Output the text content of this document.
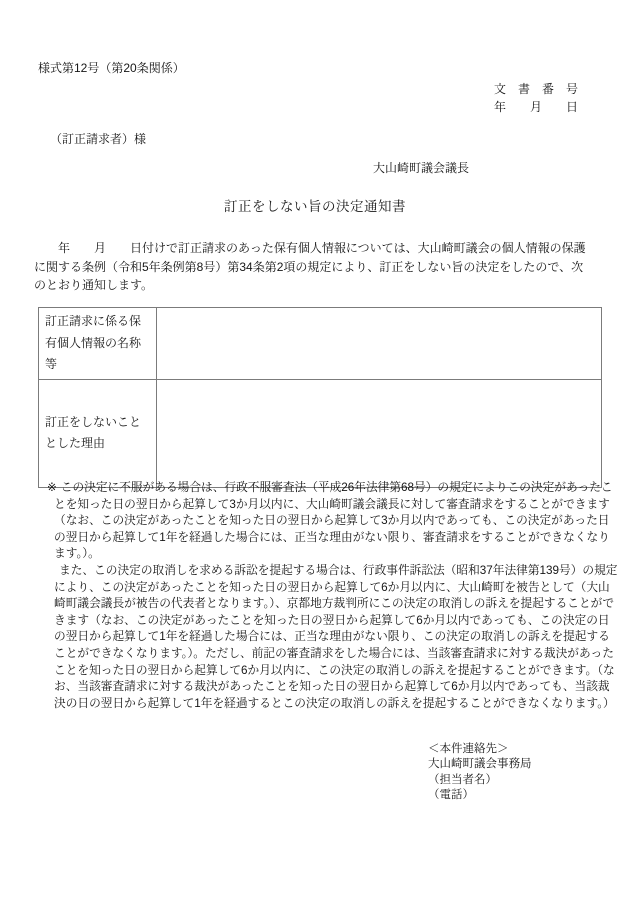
様式第12号（第20条関係）
文　書　番　号
年　　月　　日
（訂正請求者）様
大山崎町議会議長
訂正をしない旨の決定通知書
　　年　　月　　日付けで訂正請求のあった保有個人情報については、大山崎町議会の個人情報の保護に関する条例（令和5年条例第8号）第34条第2項の規定により、訂正をしない旨の決定をしたので、次のとおり通知します。
訂正請求に係る保有個人情報の名称等	
訂正をしないこととした理由	

※ この決定に不服がある場合は、行政不服審査法（平成26年法律第68号）の規定によりこの決定があったことを知った日の翌日から起算して3か月以内に、大山崎町議会議長に対して審査請求をすることができます（なお、この決定があったことを知った日の翌日から起算して3か月以内であっても、この決定があった日の翌日から起算して1年を経過した場合には、正当な理由がない限り、審査請求をすることができなくなります。）。

また、この決定の取消しを求める訴訟を提起する場合は、行政事件訴訟法（昭和37年法律第139号）の規定により、この決定があったことを知った日の翌日から起算して6か月以内に、大山崎町を被告として（大山崎町議会議長が被告の代表者となります。）、京都地方裁判所にこの決定の取消しの訴えを提起することができます（なお、この決定があったことを知った日の翌日から起算して6か月以内であっても、この決定の日の翌日から起算して1年を経過した場合には、正当な理由がない限り、この決定の取消しの訴えを提起することができなくなります。）。ただし、前記の審査請求をした場合には、当該審査請求に対する裁決があったことを知った日の翌日から起算して6か月以内に、この決定の取消しの訴えを提起することができます。（なお、当該審査請求に対する裁決があったことを知った日の翌日から起算して6か月以内であっても、当該裁決の日の翌日から起算して1年を経過するとこの決定の取消しの訴えを提起することができなくなります。）

＜本件連絡先＞
大山崎町議会事務局
（担当者名）
（電話）
